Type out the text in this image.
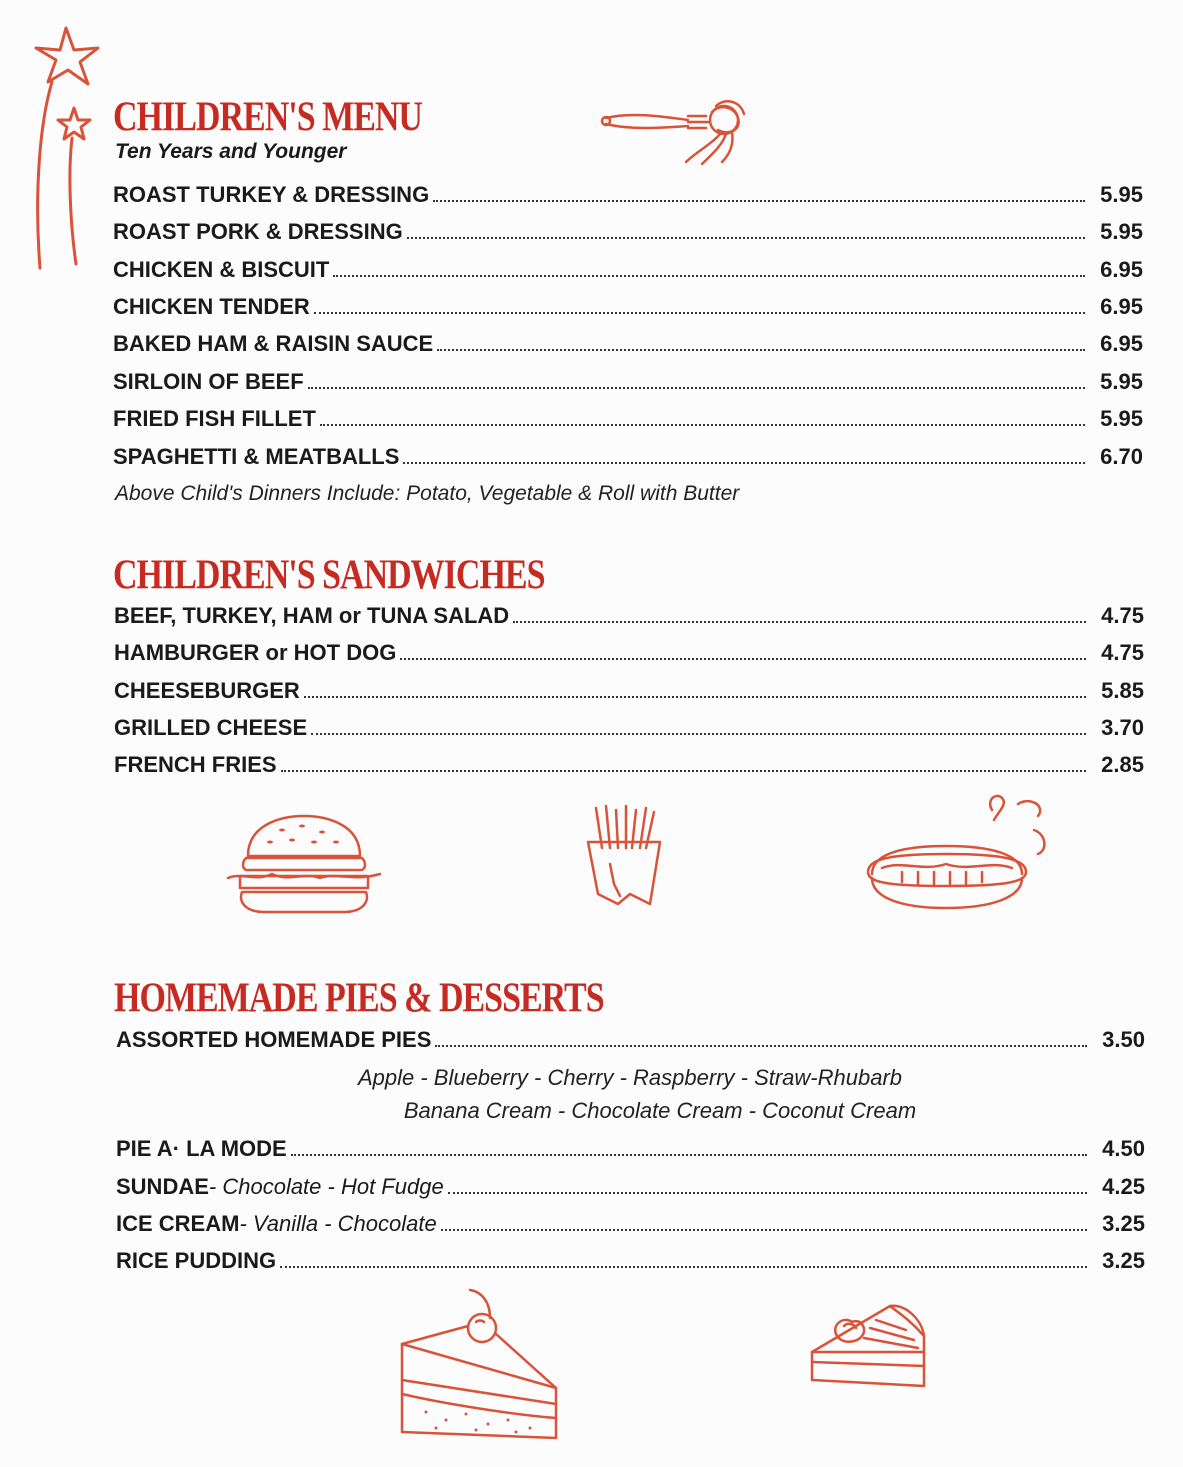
CHILDREN'S MENU

Ten Years and Younger

ROAST TURKEY & DRESSING	5.95
ROAST PORK & DRESSING	5.95
CHICKEN & BISCUIT	6.95
CHICKEN TENDER	6.95
BAKED HAM & RAISIN SAUCE	6.95
SIRLOIN OF BEEF	5.95
FRIED FISH FILLET	5.95
SPAGHETTI & MEATBALLS	6.70

Above Child's Dinners Include: Potato, Vegetable & Roll with Butter

CHILDREN'S SANDWICHES
BEEF, TURKEY, HAM or TUNA SALAD	4.75
HAMBURGER or HOT DOG	4.75
CHEESEBURGER	5.85
GRILLED CHEESE	3.70
FRENCH FRIES	2.85
HOMEMADE PIES & DESSERTS
ASSORTED HOMEMADE PIES	3.50
Apple - Blueberry - Cherry - Raspberry - Straw-Rhubarb
Banana Cream - Chocolate Cream - Coconut Cream
PIE A· LA MODE	4.50
SUNDAE - Chocolate - Hot Fudge	4.25
ICE CREAM - Vanilla - Chocolate	3.25
RICE PUDDING	3.25
